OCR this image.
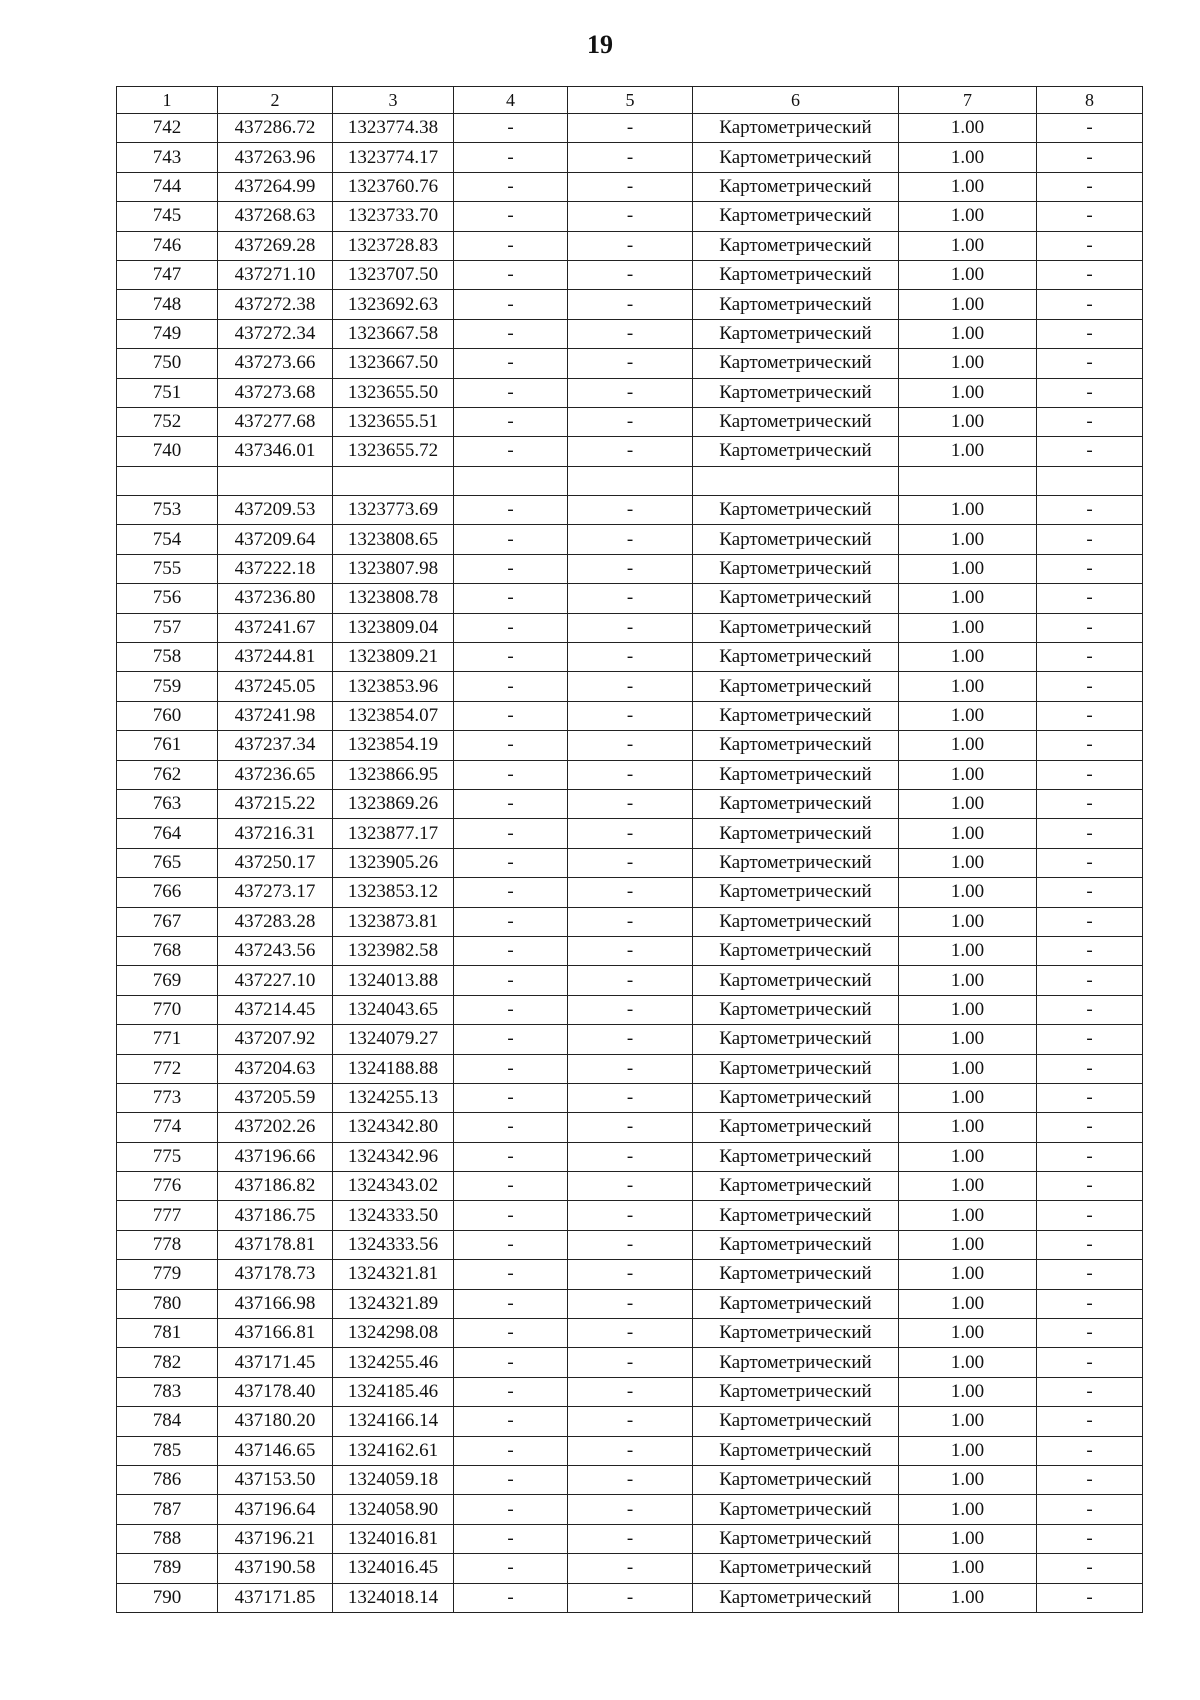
19
1	2	3	4	5	6	7	8
742	437286.72	1323774.38	-	-	Картометрический	1.00	-
743	437263.96	1323774.17	-	-	Картометрический	1.00	-
744	437264.99	1323760.76	-	-	Картометрический	1.00	-
745	437268.63	1323733.70	-	-	Картометрический	1.00	-
746	437269.28	1323728.83	-	-	Картометрический	1.00	-
747	437271.10	1323707.50	-	-	Картометрический	1.00	-
748	437272.38	1323692.63	-	-	Картометрический	1.00	-
749	437272.34	1323667.58	-	-	Картометрический	1.00	-
750	437273.66	1323667.50	-	-	Картометрический	1.00	-
751	437273.68	1323655.50	-	-	Картометрический	1.00	-
752	437277.68	1323655.51	-	-	Картометрический	1.00	-
740	437346.01	1323655.72	-	-	Картометрический	1.00	-

753	437209.53	1323773.69	-	-	Картометрический	1.00	-
754	437209.64	1323808.65	-	-	Картометрический	1.00	-
755	437222.18	1323807.98	-	-	Картометрический	1.00	-
756	437236.80	1323808.78	-	-	Картометрический	1.00	-
757	437241.67	1323809.04	-	-	Картометрический	1.00	-
758	437244.81	1323809.21	-	-	Картометрический	1.00	-
759	437245.05	1323853.96	-	-	Картометрический	1.00	-
760	437241.98	1323854.07	-	-	Картометрический	1.00	-
761	437237.34	1323854.19	-	-	Картометрический	1.00	-
762	437236.65	1323866.95	-	-	Картометрический	1.00	-
763	437215.22	1323869.26	-	-	Картометрический	1.00	-
764	437216.31	1323877.17	-	-	Картометрический	1.00	-
765	437250.17	1323905.26	-	-	Картометрический	1.00	-
766	437273.17	1323853.12	-	-	Картометрический	1.00	-
767	437283.28	1323873.81	-	-	Картометрический	1.00	-
768	437243.56	1323982.58	-	-	Картометрический	1.00	-
769	437227.10	1324013.88	-	-	Картометрический	1.00	-
770	437214.45	1324043.65	-	-	Картометрический	1.00	-
771	437207.92	1324079.27	-	-	Картометрический	1.00	-
772	437204.63	1324188.88	-	-	Картометрический	1.00	-
773	437205.59	1324255.13	-	-	Картометрический	1.00	-
774	437202.26	1324342.80	-	-	Картометрический	1.00	-
775	437196.66	1324342.96	-	-	Картометрический	1.00	-
776	437186.82	1324343.02	-	-	Картометрический	1.00	-
777	437186.75	1324333.50	-	-	Картометрический	1.00	-
778	437178.81	1324333.56	-	-	Картометрический	1.00	-
779	437178.73	1324321.81	-	-	Картометрический	1.00	-
780	437166.98	1324321.89	-	-	Картометрический	1.00	-
781	437166.81	1324298.08	-	-	Картометрический	1.00	-
782	437171.45	1324255.46	-	-	Картометрический	1.00	-
783	437178.40	1324185.46	-	-	Картометрический	1.00	-
784	437180.20	1324166.14	-	-	Картометрический	1.00	-
785	437146.65	1324162.61	-	-	Картометрический	1.00	-
786	437153.50	1324059.18	-	-	Картометрический	1.00	-
787	437196.64	1324058.90	-	-	Картометрический	1.00	-
788	437196.21	1324016.81	-	-	Картометрический	1.00	-
789	437190.58	1324016.45	-	-	Картометрический	1.00	-
790	437171.85	1324018.14	-	-	Картометрический	1.00	-
